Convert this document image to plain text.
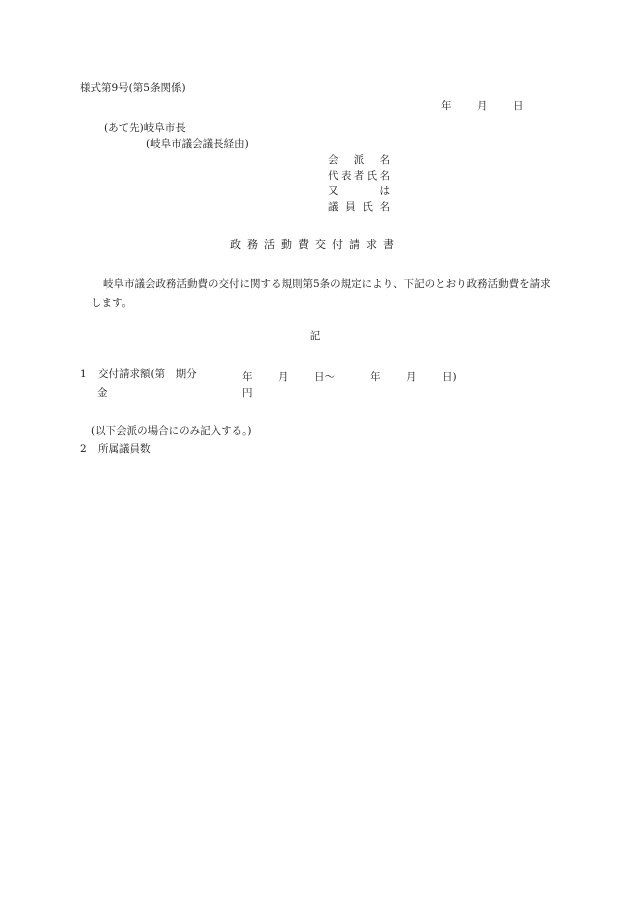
様式第9号(第5条関係)
年 月 日
(あて先)岐阜市長
(岐阜市議会議長経由)
会 派 名
代 表 者 氏 名
又	は
議 員 氏 名
政務活動費交付請求書
岐阜市議会政務活動費の交付に関する規則第5条の規定により、下記のとおり政務活動費を請求します。
記
1 交付請求額(第　期分	年 月 日〜	年 月 日)
金	円
(以下会派の場合にのみ記入する。)
2 所属議員数
